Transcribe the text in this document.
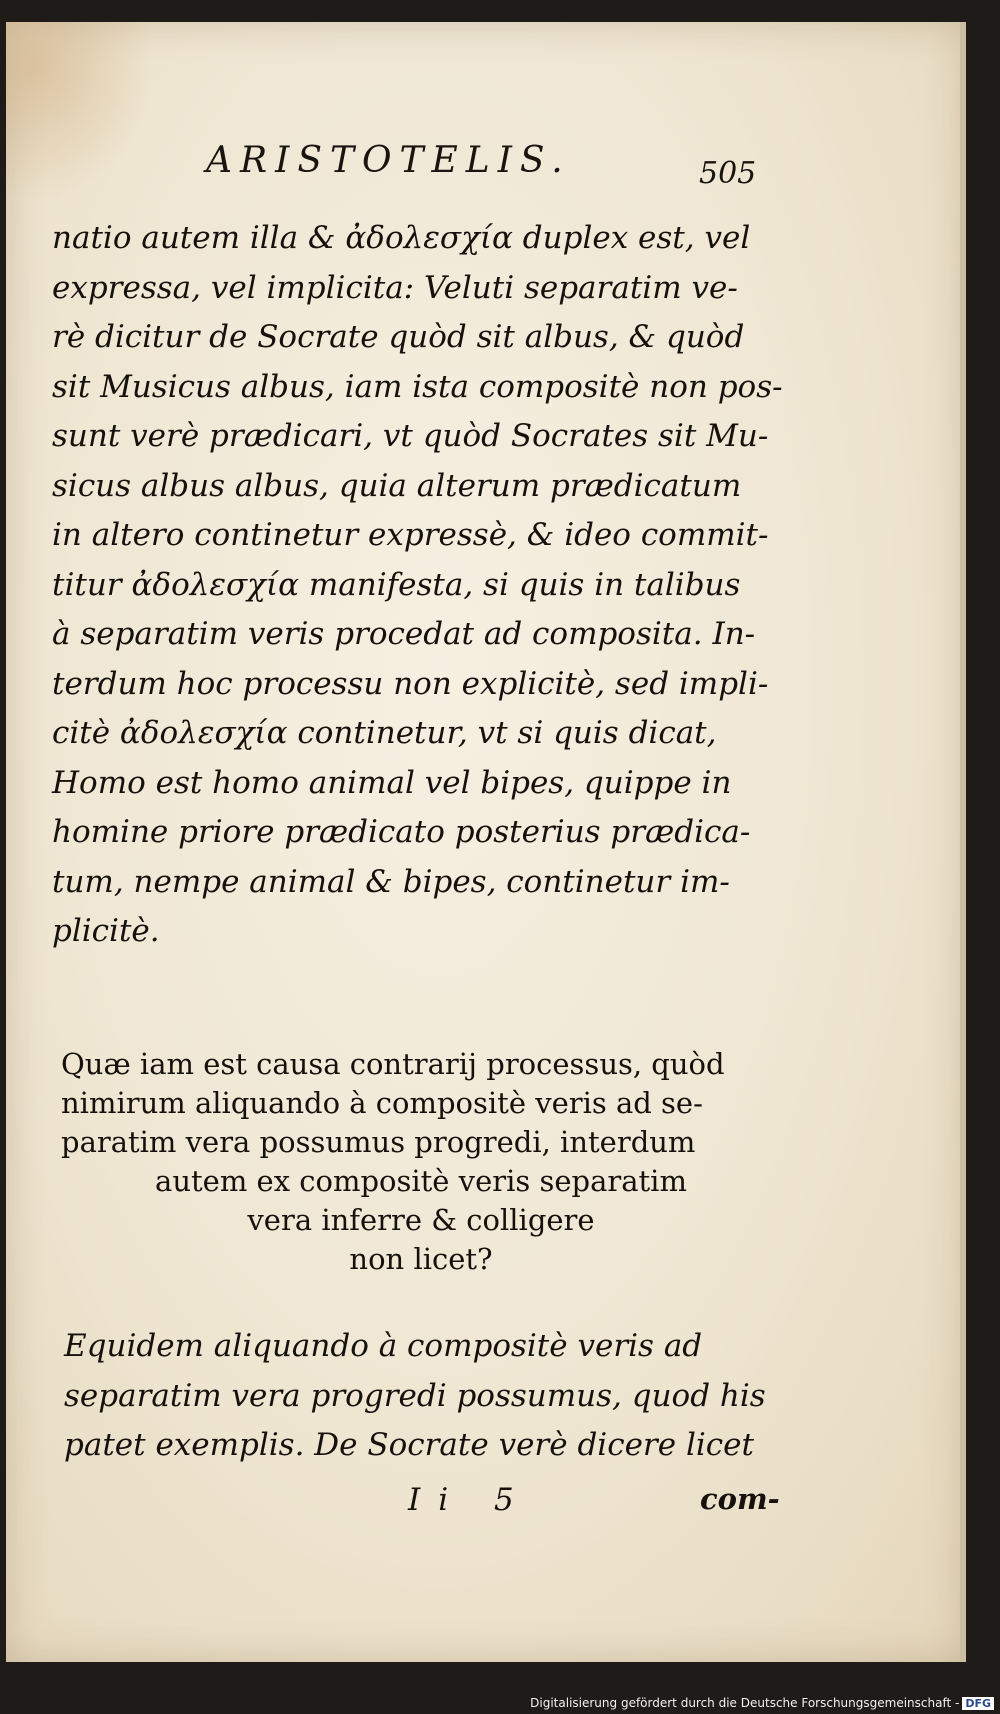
ARISTOTELIS.	505
natio autem illa & ἀδολεσχία duplex est, vel
expressa, vel implicita: Veluti separatim ve-
rè dicitur de Socrate quòd sit albus, & quòd
sit Musicus albus, iam ista compositè non pos-
sunt verè prædicari, vt quòd Socrates sit Mu-
sicus albus albus, quia alterum prædicatum
in altero continetur expressè, & ideo commit-
titur ἀδολεσχία manifesta, si quis in talibus
à separatim veris procedat ad composita. In-
terdum hoc processu non explicitè, sed impli-
citè ἀδολεσχία continetur, vt si quis dicat,
Homo est homo animal vel bipes, quippe in
homine priore prædicato posterius prædica-
tum, nempe animal & bipes, continetur im-
plicitè.
Quæ iam est causa contrarij processus, quòd
nimirum aliquando à compositè veris ad se-
paratim vera possumus progredi, interdum
autem ex compositè veris separatim
vera inferre & colligere
non licet?
Equidem aliquando à compositè veris ad
separatim vera progredi possumus, quod his
patet exemplis. De Socrate verè dicere licet
Ii 5	com-
Digitalisierung gefördert durch die Deutsche Forschungsgemeinschaft - DFG
